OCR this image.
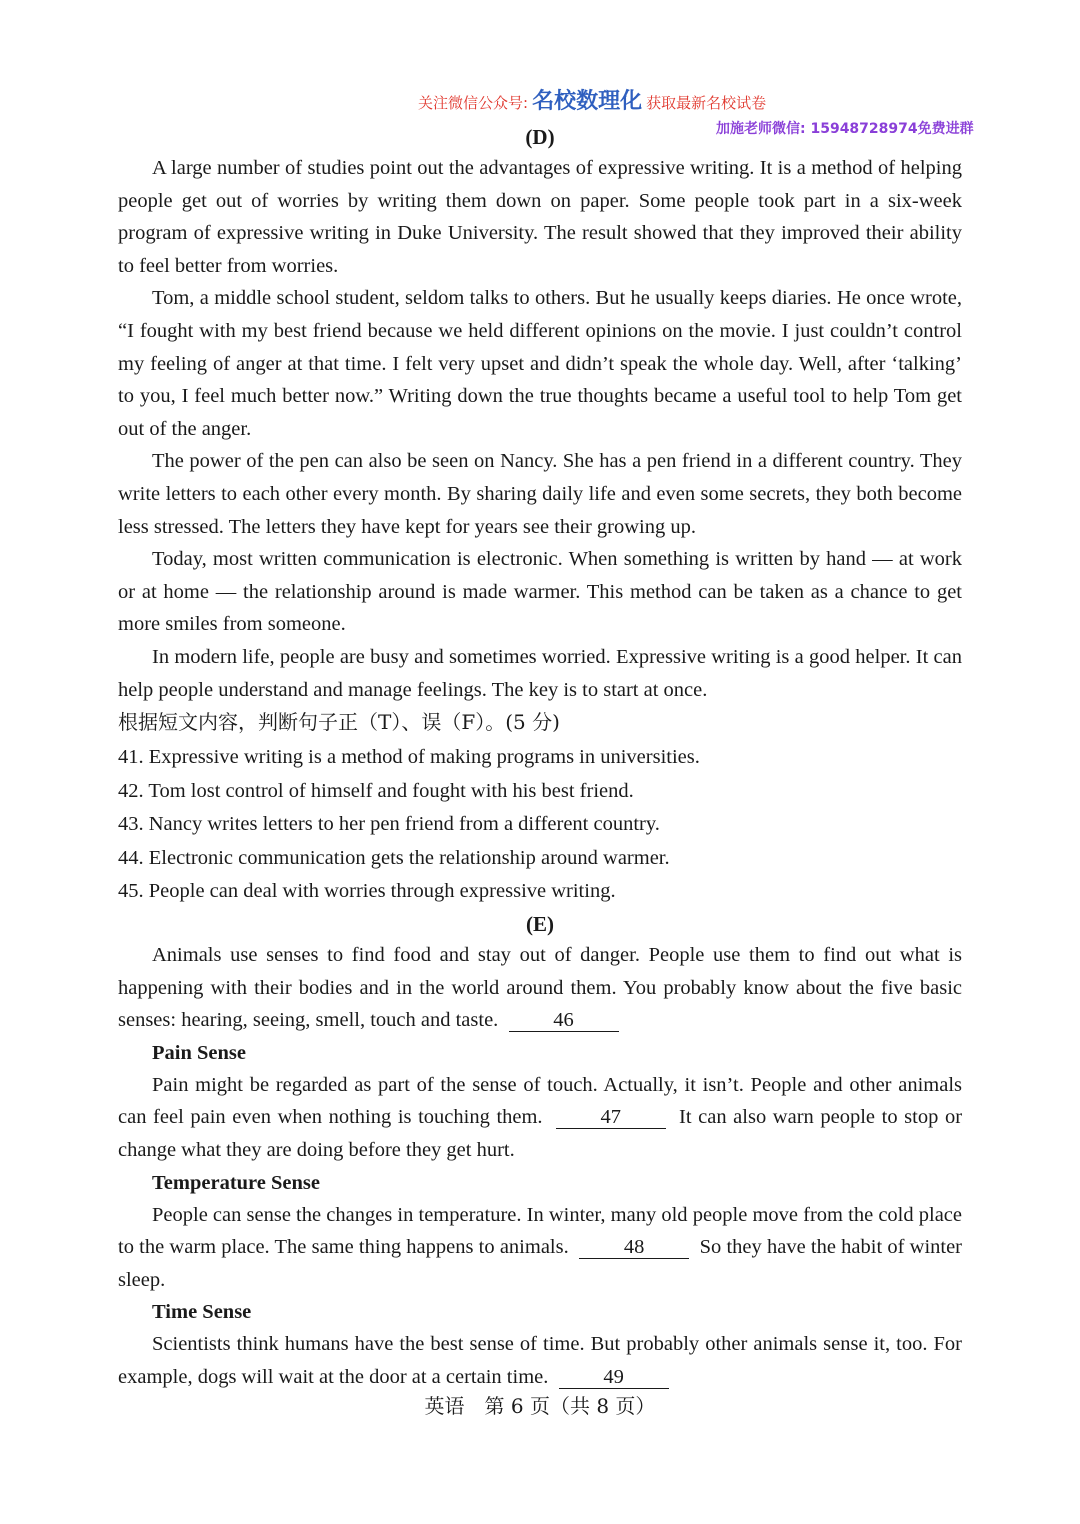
关注微信公众号: 名校数理化 获取最新名校试卷
加施老师微信: 15948728974免费进群
(D)

A large number of studies point out the advantages of expressive writing. It is a method of helping people get out of worries by writing them down on paper. Some people took part in a six-week program of expressive writing in Duke University. The result showed that they improved their ability to feel better from worries.

Tom, a middle school student, seldom talks to others. But he usually keeps diaries. He once wrote, “I fought with my best friend because we held different opinions on the movie. I just couldn’t control my feeling of anger at that time. I felt very upset and didn’t speak the whole day. Well, after ‘talking’ to you, I feel much better now.” Writing down the true thoughts became a useful tool to help Tom get out of the anger.

The power of the pen can also be seen on Nancy. She has a pen friend in a different country. They write letters to each other every month. By sharing daily life and even some secrets, they both become less stressed. The letters they have kept for years see their growing up.

Today, most written communication is electronic. When something is written by hand — at work or at home — the relationship around is made warmer. This method can be taken as a chance to get more smiles from someone.

In modern life, people are busy and sometimes worried. Expressive writing is a good helper. It can help people understand and manage feelings. The key is to start at once.

根据短文内容，判断句子正（T）、误（F）。(5 分)

41. Expressive writing is a method of making programs in universities.

42. Tom lost control of himself and fought with his best friend.

43. Nancy writes letters to her pen friend from a different country.

44. Electronic communication gets the relationship around warmer.

45. People can deal with worries through expressive writing.

(E)

Animals use senses to find food and stay out of danger. People use them to find out what is happening with their bodies and in the world around them. You probably know about the five basic senses: hearing, seeing, smell, touch and taste.	46

Pain Sense

Pain might be regarded as part of the sense of touch. Actually, it isn’t. People and other animals can feel pain even when nothing is touching them.	47	It can also warn people to stop or change what they are doing before they get hurt.

Temperature Sense

People can sense the changes in temperature. In winter, many old people move from the cold place to the warm place. The same thing happens to animals.	48	So they have the habit of winter sleep.

Time Sense

Scientists think humans have the best sense of time. But probably other animals sense it, too. For example, dogs will wait at the door at a certain time.	49

英语　第 6 页（共 8 页）
